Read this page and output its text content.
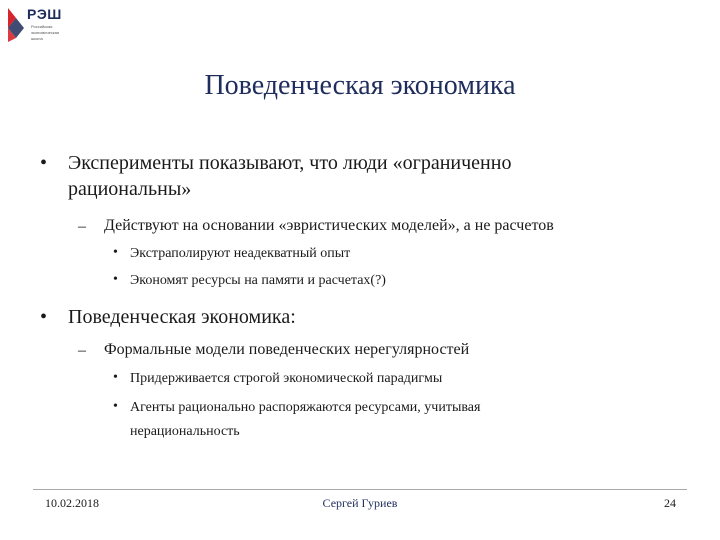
РЭШ
Российская
экономическая
школа
Поведенческая экономика
• Эксперименты показывают, что люди «ограниченно
рациональны»
– Действуют на основании «эвристических моделей», а не расчетов
• Экстраполируют неадекватный опыт
• Экономят ресурсы на памяти и расчетах(?)
• Поведенческая экономика:
– Формальные модели поведенческих нерегулярностей
• Придерживается строгой экономической парадигмы
• Агенты рационально распоряжаются ресурсами, учитывая
нерациональность
10.02.2018	Сергей Гуриев	24
